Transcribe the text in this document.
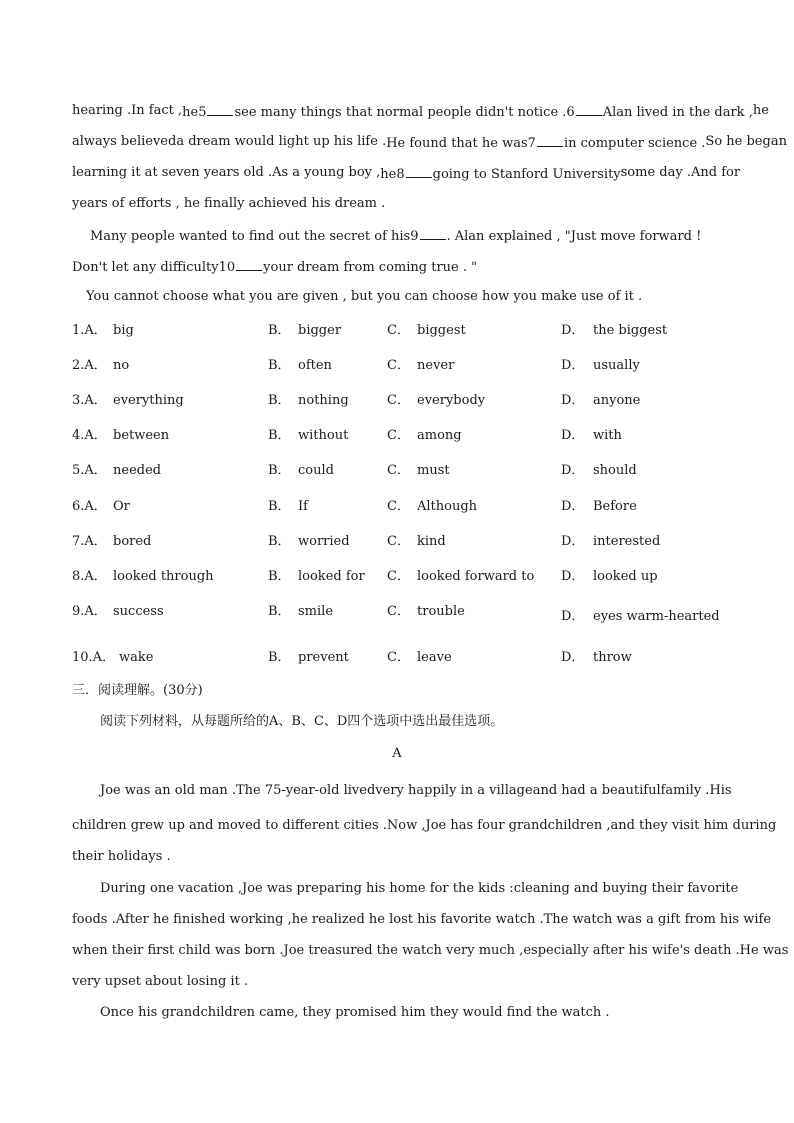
hearing . In fact , he5 see many things that normal people didn't notice . 6 Alan lived in the dark , he
always believed a dream would light up his life . He found that he was7 in computer science . So he began
learning it at seven years old . As a young boy , he8 going to Stanford University some day . And for
years of efforts , he finally achieved his dream .
Many people wanted to find out the secret of his9 . Alan explained , "Just move forward !
Don't let any difficulty10 your dream from coming true . "
You cannot choose what you are given , but you can choose how you make use of it .
1.A． big	B． bigger	C． biggest	D． the biggest
2.A． no	B． often	C． never	D． usually
3.A． everything	B． nothing	C． everybody	D． anyone
4.A． between	B． without	C． among	D． with
5.A． needed	B． could	C． must	D． should
6.A． Or	B． If	C． Although	D． Before
7.A． bored	B． worried	C． kind	D． interested
8.A． looked through	B． looked for C． looked forward to D． looked up
9.A． success	B． smile	C． trouble	D． eyes warm-hearted
10.A． wake	B． prevent	C． leave	D． throw
三．阅读理解。(30分)
阅读下列材料，从每题所给的A、B、C、D四个选项中选出最佳选项。
A
Joe was an old man . The 75-year-old lived very happily in a village and had a beautiful family . His
children grew up and moved to different cities . Now , Joe has four grandchildren , and they visit him during
their holidays .
During one vacation , Joe was preparing his home for the kids : cleaning and buying their favorite
foods . After he finished working , he realized he lost his favorite watch . The watch was a gift from his wife
when their first child was born . Joe treasured the watch very much , especially after his wife's death . He was
very upset about losing it .
Once his grandchildren came, they promised him they would find the watch .
